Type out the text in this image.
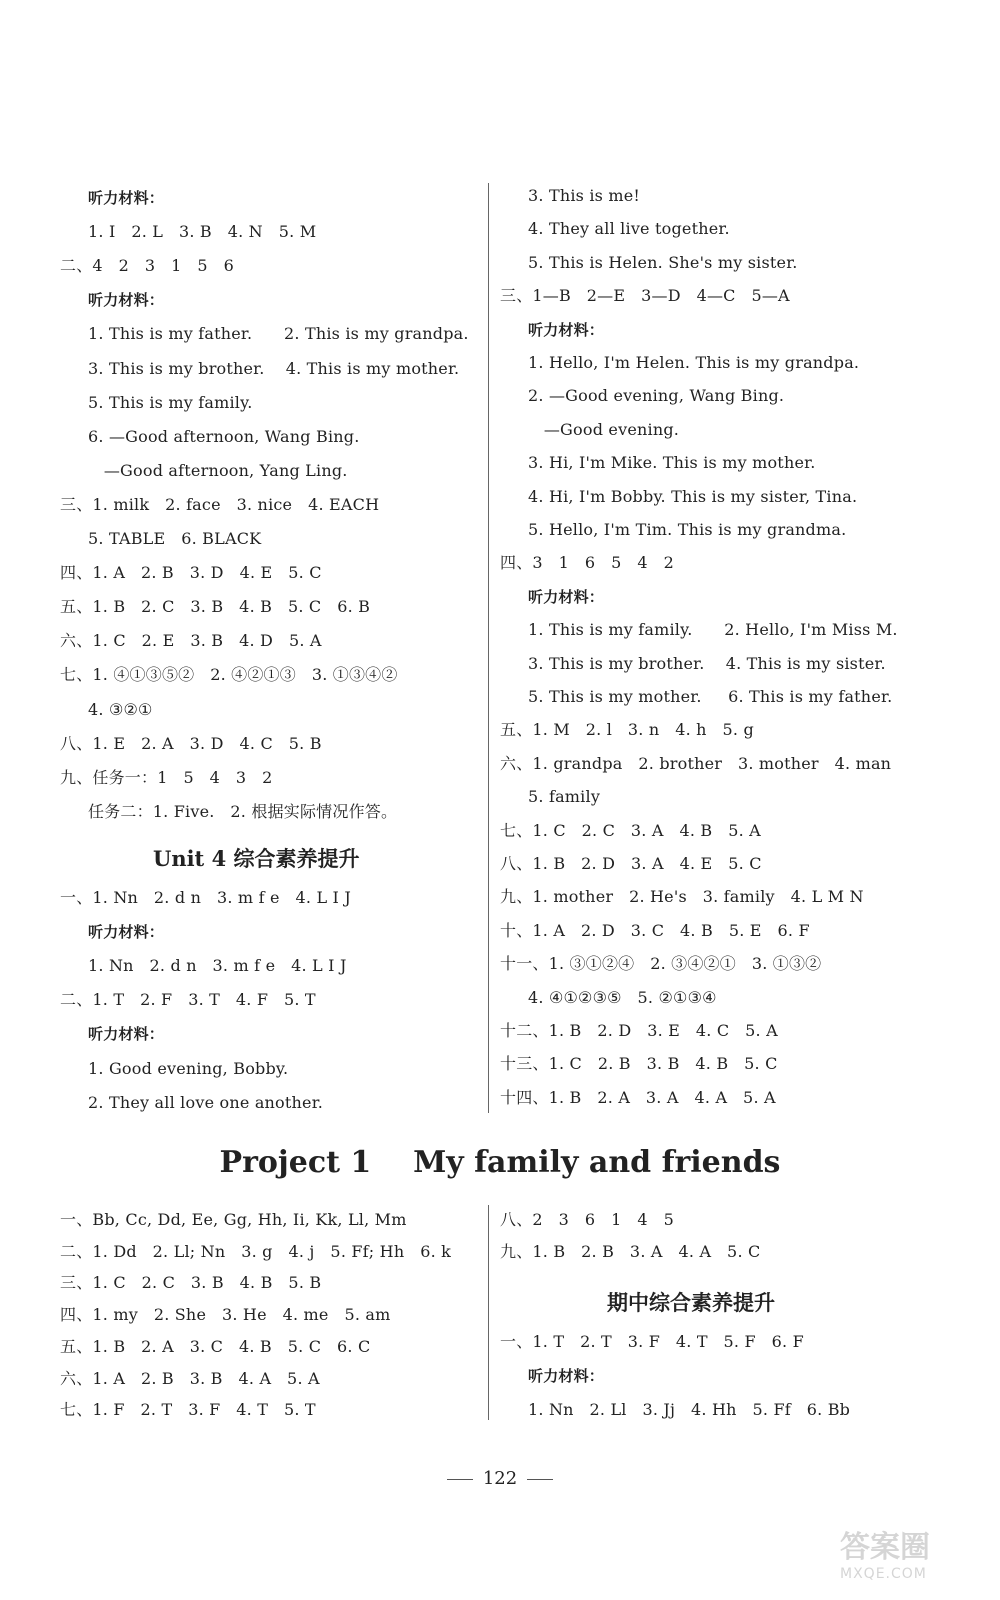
听力材料：
1. I   2. L   3. B   4. N   5. M
二、4   2   3   1   5   6
听力材料：
1. This is my father.      2. This is my grandpa.
3. This is my brother.    4. This is my mother.
5. This is my family.
6. —Good afternoon, Wang Bing.
—Good afternoon, Yang Ling.
三、1. milk   2. face   3. nice   4. EACH
5. TABLE   6. BLACK
四、1. A   2. B   3. D   4. E   5. C
五、1. B   2. C   3. B   4. B   5. C   6. B
六、1. C   2. E   3. B   4. D   5. A
七、1. ④①③⑤②   2. ④②①③   3. ①③④②
4. ③②①
八、1. E   2. A   3. D   4. C   5. B
九、任务一：1   5   4   3   2
任务二：1. Five.   2. 根据实际情况作答。
Unit 4 综合素养提升
一、1. Nn   2. d n   3. m f e   4. L I J
听力材料：
1. Nn   2. d n   3. m f e   4. L I J
二、1. T   2. F   3. T   4. F   5. T
听力材料：
1. Good evening, Bobby.
2. They all love one another.
3. This is me!
4. They all live together.
5. This is Helen. She's my sister.
三、1—B   2—E   3—D   4—C   5—A
听力材料：
1. Hello, I'm Helen. This is my grandpa.
2. —Good evening, Wang Bing.
—Good evening.
3. Hi, I'm Mike. This is my mother.
4. Hi, I'm Bobby. This is my sister, Tina.
5. Hello, I'm Tim. This is my grandma.
四、3   1   6   5   4   2
听力材料：
1. This is my family.      2. Hello, I'm Miss M.
3. This is my brother.    4. This is my sister.
5. This is my mother.     6. This is my father.
五、1. M   2. l   3. n   4. h   5. g
六、1. grandpa   2. brother   3. mother   4. man
5. family
七、1. C   2. C   3. A   4. B   5. A
八、1. B   2. D   3. A   4. E   5. C
九、1. mother   2. He's   3. family   4. L M N
十、1. A   2. D   3. C   4. B   5. E   6. F
十一、1. ③①②④   2. ③④②①   3. ①③②
4. ④①②③⑤   5. ②①③④
十二、1. B   2. D   3. E   4. C   5. A
十三、1. C   2. B   3. B   4. B   5. C
十四、1. B   2. A   3. A   4. A   5. A
Project 1    My family and friends
一、Bb, Cc, Dd, Ee, Gg, Hh, Ii, Kk, Ll, Mm
二、1. Dd   2. Ll; Nn   3. g   4. j   5. Ff; Hh   6. k
三、1. C   2. C   3. B   4. B   5. B
四、1. my   2. She   3. He   4. me   5. am
五、1. B   2. A   3. C   4. B   5. C   6. C
六、1. A   2. B   3. B   4. A   5. A
七、1. F   2. T   3. F   4. T   5. T
八、2   3   6   1   4   5
九、1. B   2. B   3. A   4. A   5. C
期中综合素养提升
一、1. T   2. T   3. F   4. T   5. F   6. F
听力材料：
1. Nn   2. Ll   3. Jj   4. Hh   5. Ff   6. Bb
122
答案圈
MXQE.COM
